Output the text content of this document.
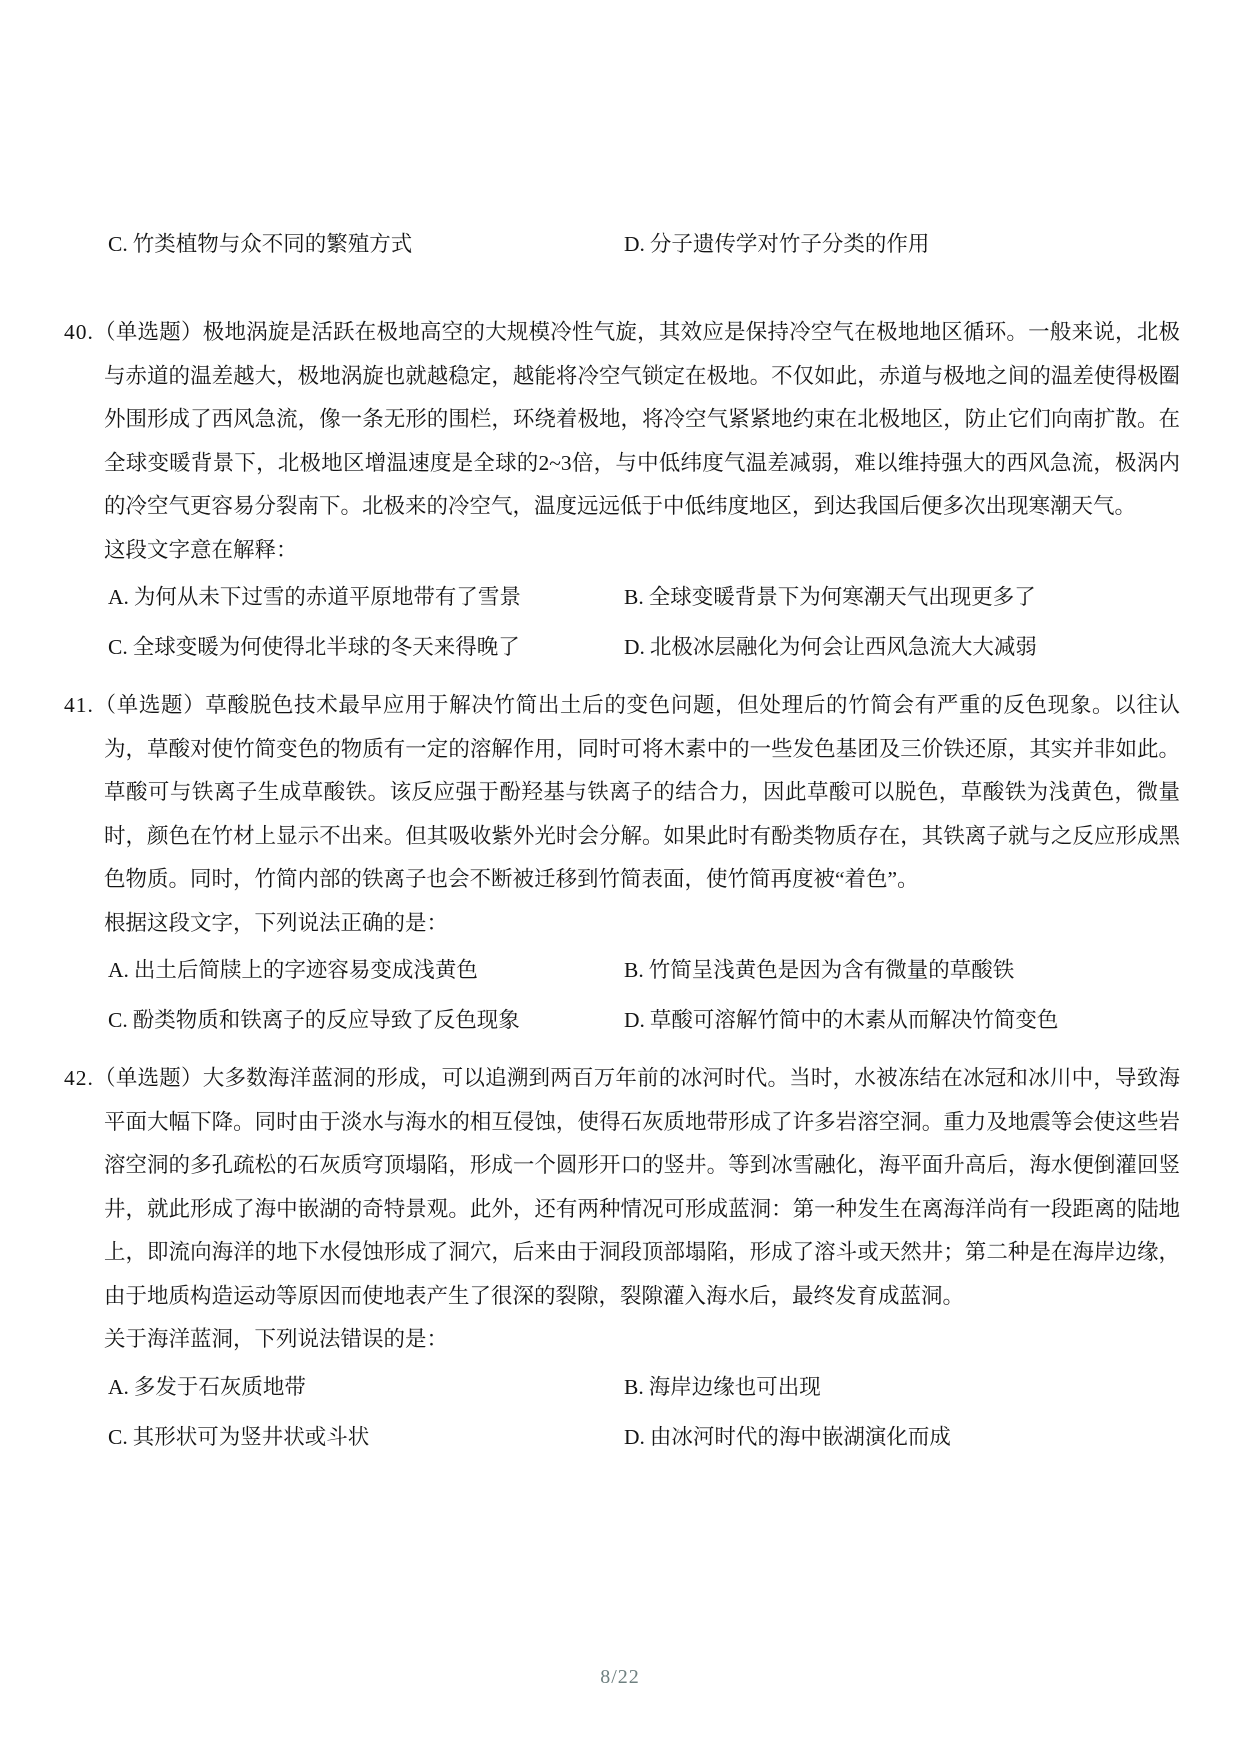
C. 竹类植物与众不同的繁殖方式	D. 分子遗传学对竹子分类的作用

40.（单选题）极地涡旋是活跃在极地高空的大规模冷性气旋，其效应是保持冷空气在极地地区循环。一般来说，北极与赤道的温差越大，极地涡旋也就越稳定，越能将冷空气锁定在极地。不仅如此，赤道与极地之间的温差使得极圈外围形成了西风急流，像一条无形的围栏，环绕着极地，将冷空气紧紧地约束在北极地区，防止它们向南扩散。在全球变暖背景下，北极地区增温速度是全球的2~3倍，与中低纬度气温差减弱，难以维持强大的西风急流，极涡内的冷空气更容易分裂南下。北极来的冷空气，温度远远低于中低纬度地区，到达我国后便多次出现寒潮天气。

这段文字意在解释：

A. 为何从未下过雪的赤道平原地带有了雪景	B. 全球变暖背景下为何寒潮天气出现更多了
C. 全球变暖为何使得北半球的冬天来得晚了	D. 北极冰层融化为何会让西风急流大大减弱

41.（单选题）草酸脱色技术最早应用于解决竹简出土后的变色问题，但处理后的竹简会有严重的反色现象。以往认为，草酸对使竹简变色的物质有一定的溶解作用，同时可将木素中的一些发色基团及三价铁还原，其实并非如此。草酸可与铁离子生成草酸铁。该反应强于酚羟基与铁离子的结合力，因此草酸可以脱色，草酸铁为浅黄色，微量时，颜色在竹材上显示不出来。但其吸收紫外光时会分解。如果此时有酚类物质存在，其铁离子就与之反应形成黑色物质。同时，竹简内部的铁离子也会不断被迁移到竹简表面，使竹简再度被“着色”。

根据这段文字，下列说法正确的是：

A. 出土后简牍上的字迹容易变成浅黄色	B. 竹简呈浅黄色是因为含有微量的草酸铁
C. 酚类物质和铁离子的反应导致了反色现象	D. 草酸可溶解竹简中的木素从而解决竹简变色

42.（单选题）大多数海洋蓝洞的形成，可以追溯到两百万年前的冰河时代。当时，水被冻结在冰冠和冰川中，导致海平面大幅下降。同时由于淡水与海水的相互侵蚀，使得石灰质地带形成了许多岩溶空洞。重力及地震等会使这些岩溶空洞的多孔疏松的石灰质穹顶塌陷，形成一个圆形开口的竖井。等到冰雪融化，海平面升高后，海水便倒灌回竖井，就此形成了海中嵌湖的奇特景观。此外，还有两种情况可形成蓝洞：第一种发生在离海洋尚有一段距离的陆地上，即流向海洋的地下水侵蚀形成了洞穴，后来由于洞段顶部塌陷，形成了溶斗或天然井；第二种是在海岸边缘，由于地质构造运动等原因而使地表产生了很深的裂隙，裂隙灌入海水后，最终发育成蓝洞。

关于海洋蓝洞，下列说法错误的是：

A. 多发于石灰质地带	B. 海岸边缘也可出现
C. 其形状可为竖井状或斗状	D. 由冰河时代的海中嵌湖演化而成
8/22
